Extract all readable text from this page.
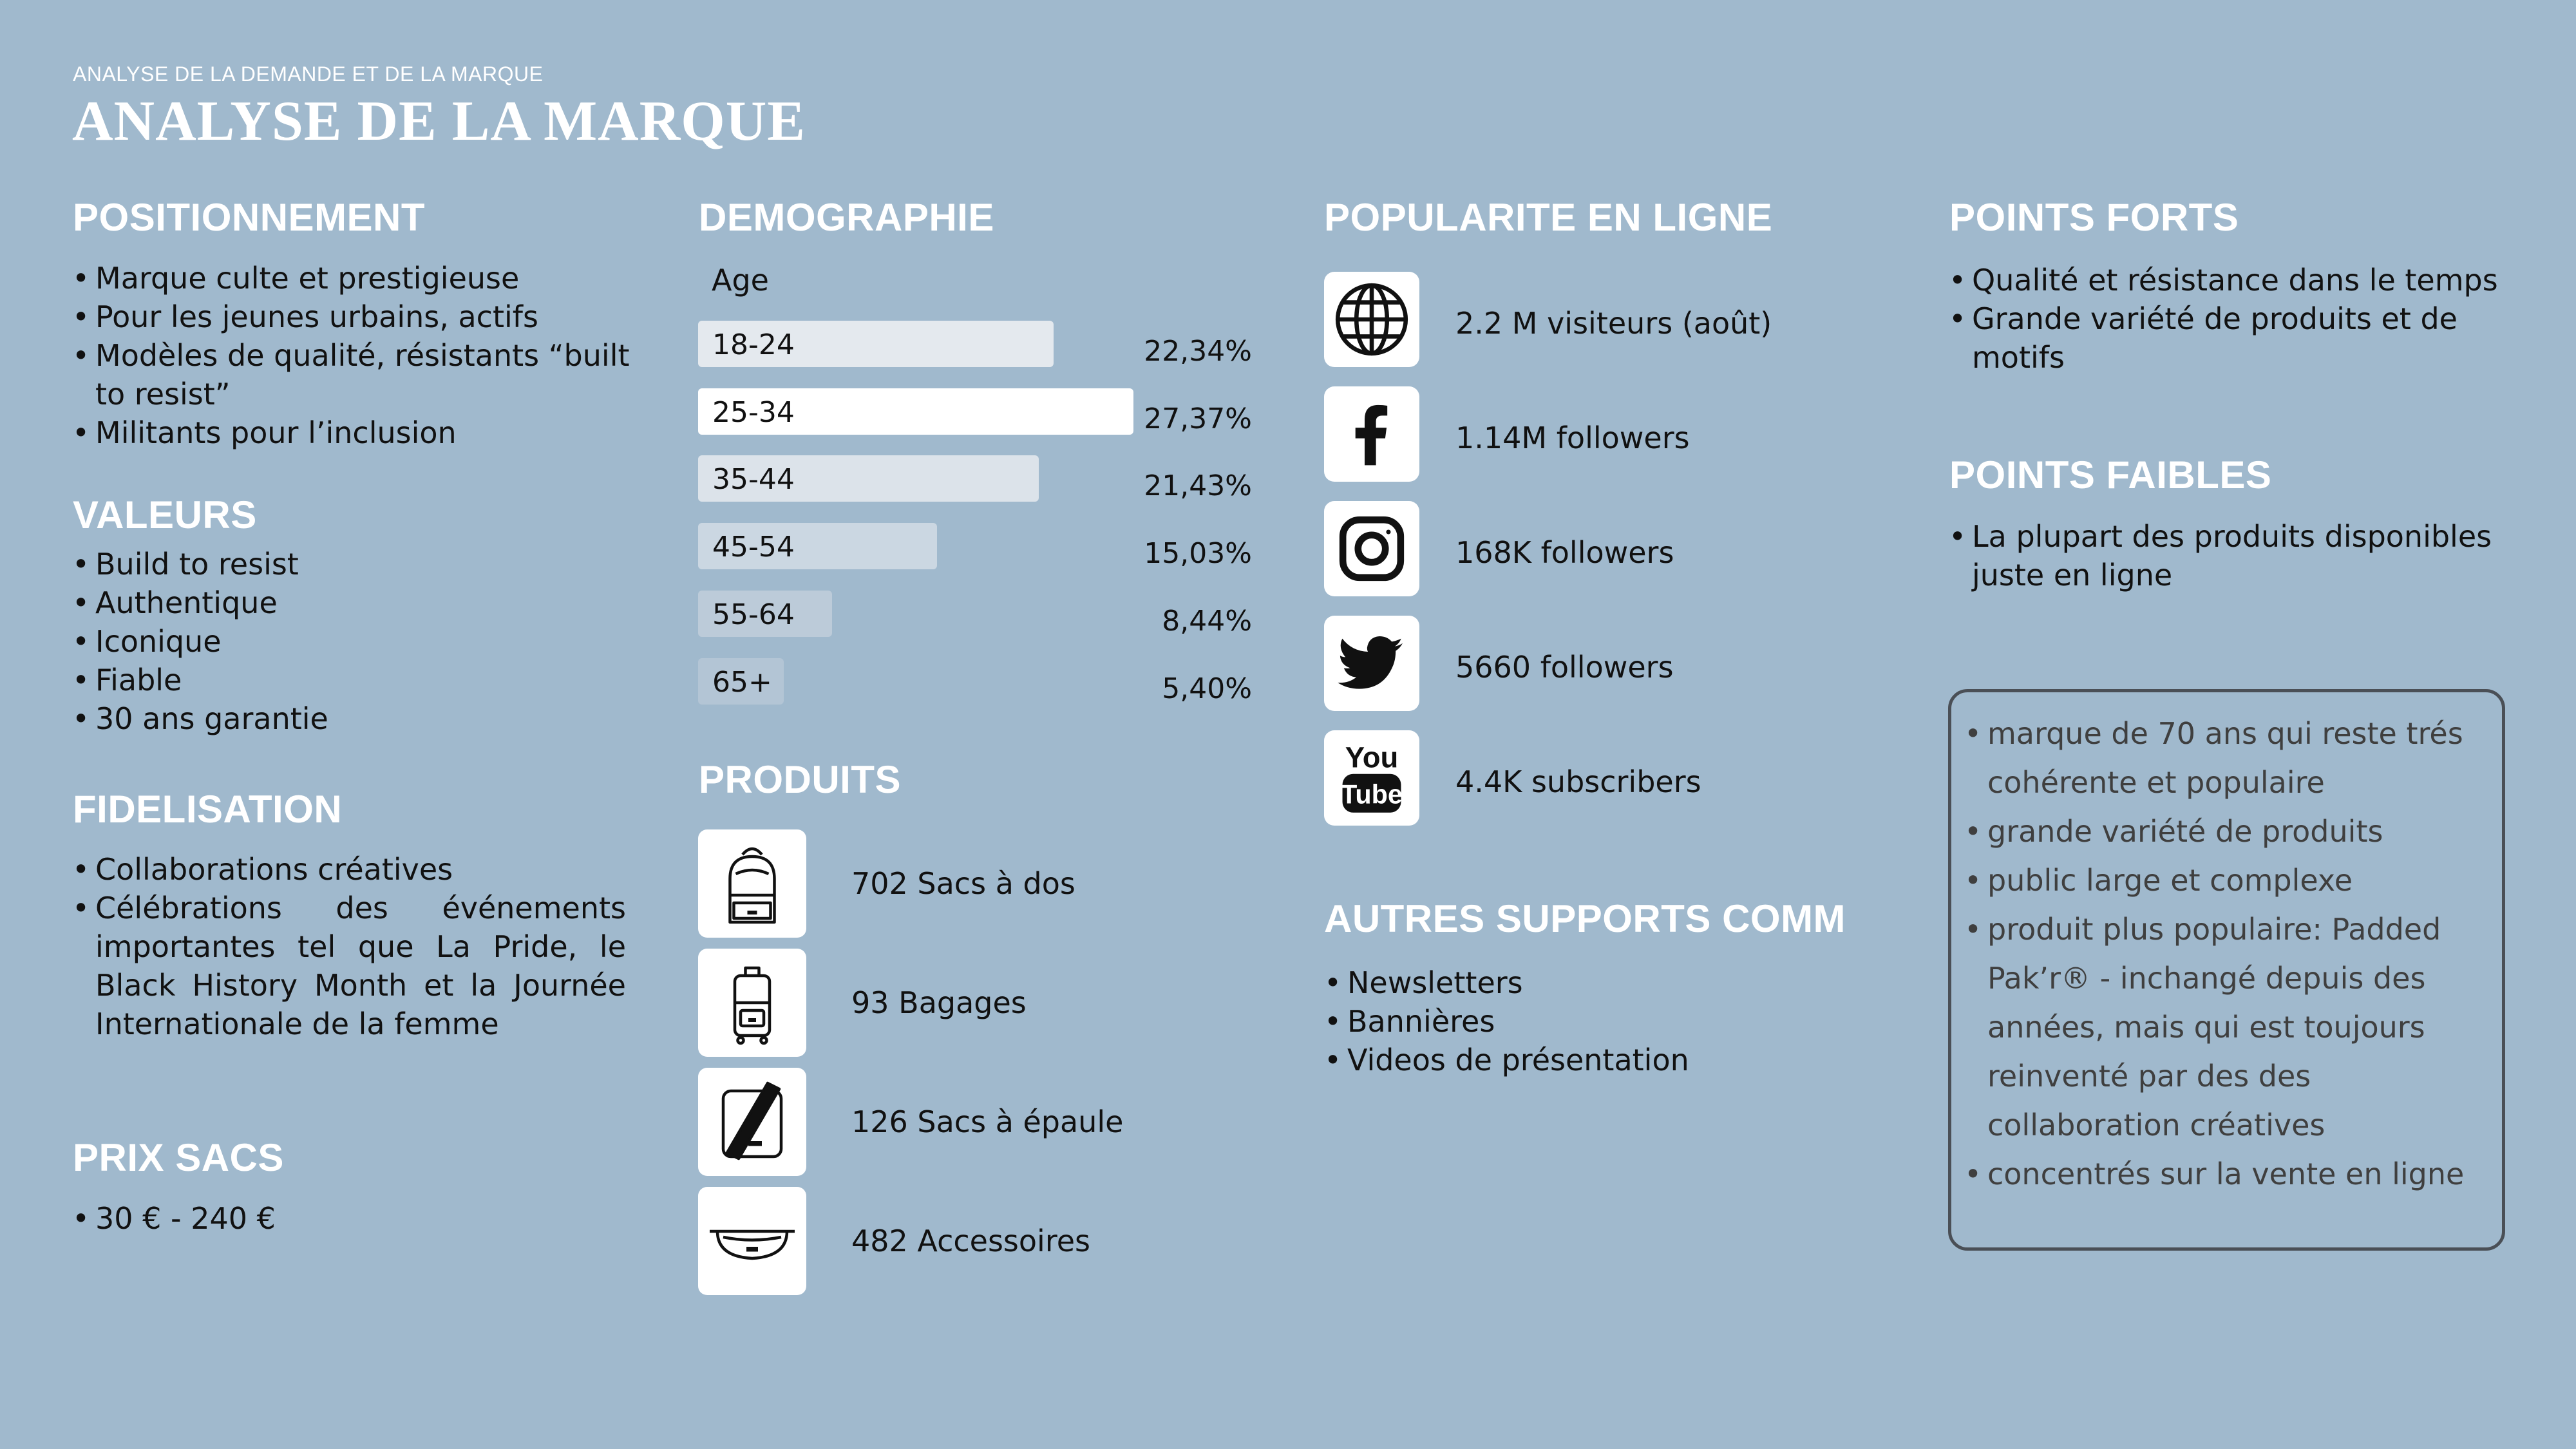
ANALYSE DE LA DEMANDE ET DE LA MARQUE
ANALYSE DE LA MARQUE
POSITIONNEMENT
• Marque culte et prestigieuse
• Pour les jeunes urbains, actifs
• Modèles de qualité, résistants “built to resist”
• Militants pour l’inclusion
VALEURS
• Build to resist
• Authentique
• Iconique
• Fiable
• 30 ans garantie
FIDELISATION
• Collaborations créatives
• Célébrations des événements importantes tel que La Pride, le Black History Month et la Journée Internationale de la femme
PRIX SACS
• 30 € - 240 €
DEMOGRAPHIE
Age
18-24	22,34%
25-34	27,37%
35-44	21,43%
45-54	15,03%
55-64	8,44%
65+	5,40%
PRODUITS
702 Sacs à dos
93 Bagages
126 Sacs à épaule
482 Accessoires
POPULARITE EN LIGNE
2.2 M visiteurs (août)
1.14M followers
168K followers
5660 followers
You
Tube 4.4K subscribers
AUTRES SUPPORTS COMM
• Newsletters
• Bannières
• Videos de présentation
POINTS FORTS
• Qualité et résistance dans le temps
• Grande variété de produits et de motifs
POINTS FAIBLES
• La plupart des produits disponibles juste en ligne
• marque de 70 ans qui reste trés cohérente et populaire
• grande variété de produits
• public large et complexe
• produit plus populaire: Padded Pak’r® - inchangé depuis des années, mais qui est toujours reinventé par des des collaboration créatives
• concentrés sur la vente en ligne
